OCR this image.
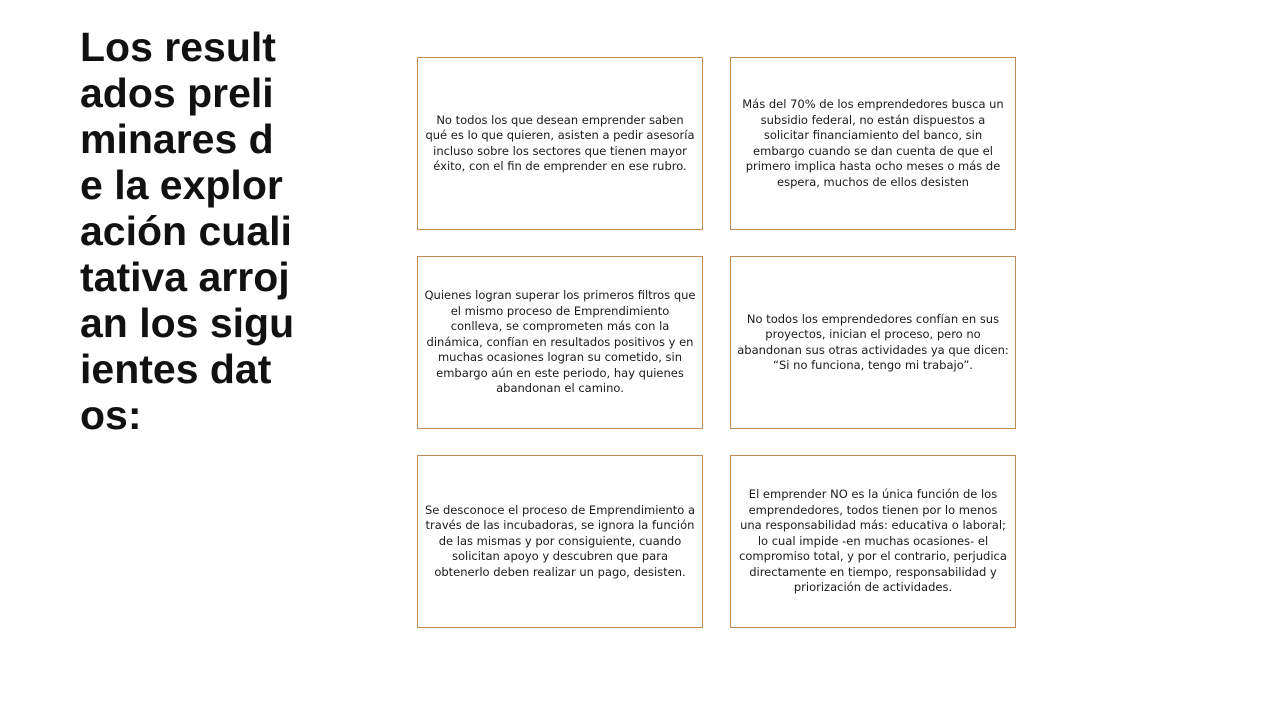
Los resultados preliminares de la exploración cualitativa arrojan los siguientes datos:

No todos los que desean emprender saben qué es lo que quieren, asisten a pedir asesoría incluso sobre los sectores que tienen mayor éxito, con el fin de emprender en ese rubro.

Más del 70% de los emprendedores busca un subsidio federal, no están dispuestos a solicitar financiamiento del banco, sin embargo cuando se dan cuenta de que el primero implica hasta ocho meses o más de espera, muchos de ellos desisten

Quienes logran superar los primeros filtros que el mismo proceso de Emprendimiento conlleva, se comprometen más con la dinámica, confían en resultados positivos y en muchas ocasiones logran su cometido, sin embargo aún en este periodo, hay quienes abandonan el camino.

No todos los emprendedores confían en sus proyectos, inician el proceso, pero no abandonan sus otras actividades ya que dicen: “Si no funciona, tengo mi trabajo”.

Se desconoce el proceso de Emprendimiento a través de las incubadoras, se ignora la función de las mismas y por consiguiente, cuando solicitan apoyo y descubren que para obtenerlo deben realizar un pago, desisten.

El emprender NO es la única función de los emprendedores, todos tienen por lo menos una responsabilidad más: educativa o laboral; lo cual impide -en muchas ocasiones- el compromiso total, y por el contrario, perjudica directamente en tiempo, responsabilidad y priorización de actividades.
